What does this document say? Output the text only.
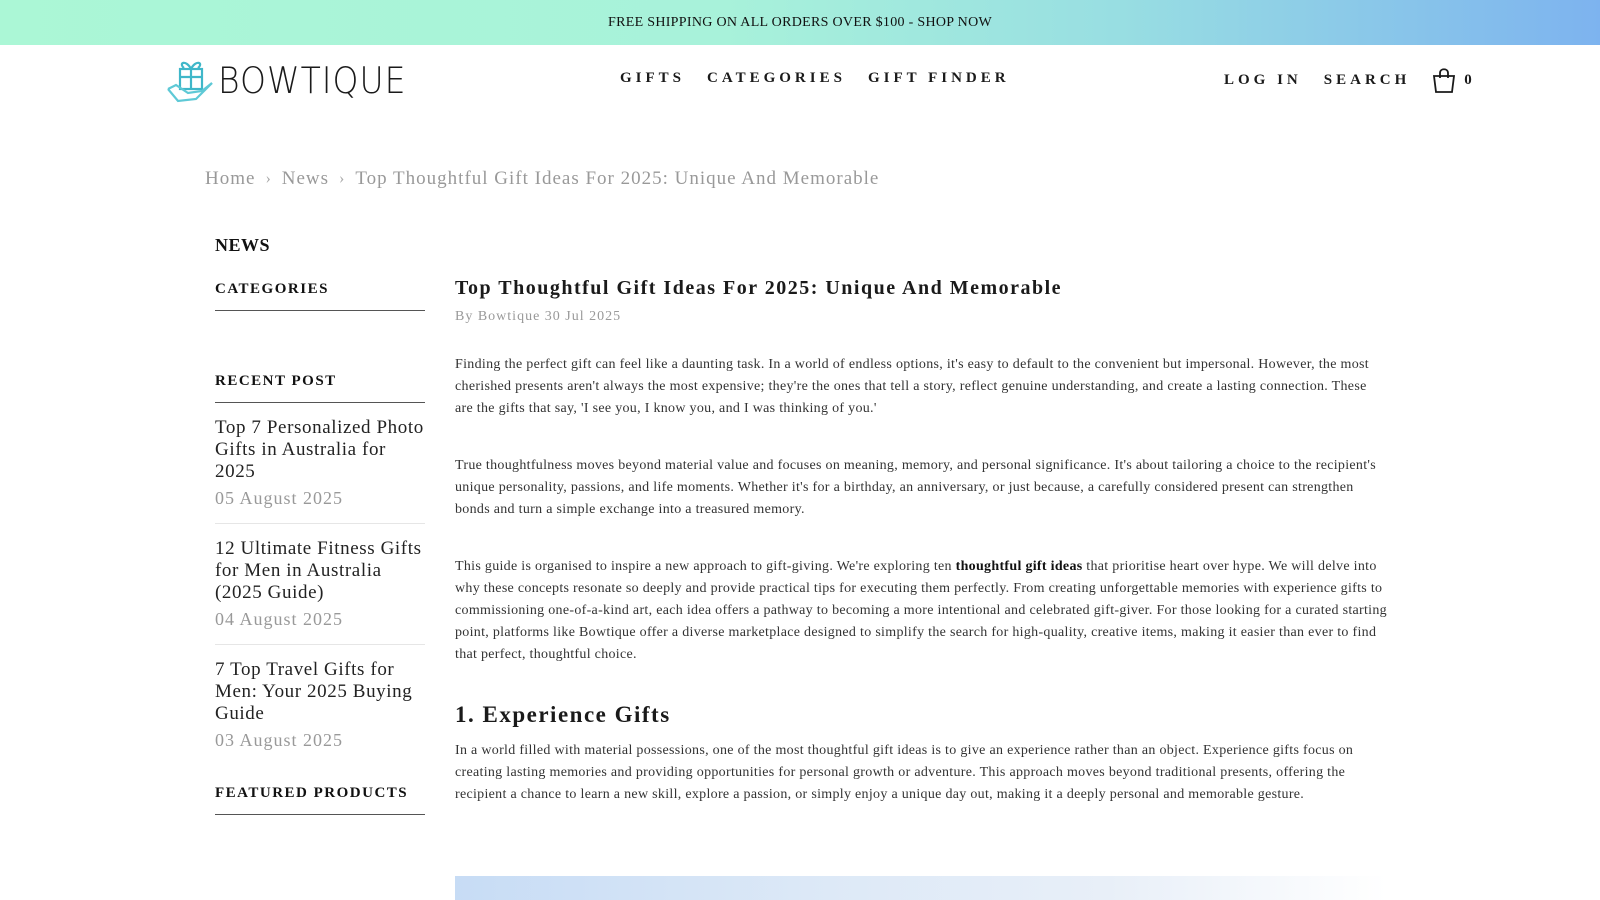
FREE SHIPPING ON ALL ORDERS OVER $100 - SHOP NOW
BOWTIQUE	GIFTS CATEGORIES GIFT FINDER	LOG IN SEARCH	0
Home › News › Top Thoughtful Gift Ideas For 2025: Unique And Memorable
NEWS
CATEGORIES
RECENT POST
Top 7 Personalized Photo Gifts in Australia for 2025
05 August 2025
12 Ultimate Fitness Gifts for Men in Australia (2025 Guide)
04 August 2025
7 Top Travel Gifts for Men: Your 2025 Buying Guide
03 August 2025
FEATURED PRODUCTS
Top Thoughtful Gift Ideas For 2025: Unique And Memorable
By Bowtique 30 Jul 2025

Finding the perfect gift can feel like a daunting task. In a world of endless options, it's easy to default to the convenient but impersonal. However, the most cherished presents aren't always the most expensive; they're the ones that tell a story, reflect genuine understanding, and create a lasting connection. These are the gifts that say, 'I see you, I know you, and I was thinking of you.'

True thoughtfulness moves beyond material value and focuses on meaning, memory, and personal significance. It's about tailoring a choice to the recipient's unique personality, passions, and life moments. Whether it's for a birthday, an anniversary, or just because, a carefully considered present can strengthen bonds and turn a simple exchange into a treasured memory.

This guide is organised to inspire a new approach to gift-giving. We're exploring ten thoughtful gift ideas that prioritise heart over hype. We will delve into why these concepts resonate so deeply and provide practical tips for executing them perfectly. From creating unforgettable memories with experience gifts to commissioning one-of-a-kind art, each idea offers a pathway to becoming a more intentional and celebrated gift-giver. For those looking for a curated starting point, platforms like Bowtique offer a diverse marketplace designed to simplify the search for high-quality, creative items, making it easier than ever to find that perfect, thoughtful choice.

1. Experience Gifts

In a world filled with material possessions, one of the most thoughtful gift ideas is to give an experience rather than an object. Experience gifts focus on creating lasting memories and providing opportunities for personal growth or adventure. This approach moves beyond traditional presents, offering the recipient a chance to learn a new skill, explore a passion, or simply enjoy a unique day out, making it a deeply personal and memorable gesture.
